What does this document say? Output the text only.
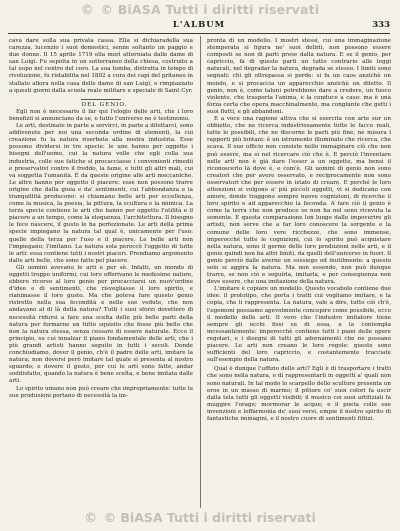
© © BiASA Tutti i diritti riservati
L'ALBUM	333

cava dare sulla sua privata cassa. Ella si dichiaradella sua carezza, lucenzio i suoi domestici, senne soltanto un paggio e due donne. Il 15 aprile 1719 ella morì attorniata dalle dame di san Luigi. Fu sepolta in un sotterraneo della chiesa, costruito a tal uopo nel centro del coro. La sua tomba, distrutta in tempo di rivoluzione, fu ristabilita nel 1802 a cura dei capi del pritaneo in stallato allora nella casa delle dame di san Luigi, e rimpiazzato a questi giorni dalla scuola reale militare e speciale di Saint Cyr.

DEL GENIO.

Egli non è necessario il far qui l'elogio delle arti, che i loro benefizii si annunciano da se, e tutto l'universo ne è testimonio.

Le arti, destinate in parte a servirci, in parte a dilettarci, sono addivenute per noi una seconda ordine di elementi, la cui creazione fu la natura riserbata alla nostra industria. Esse possono dividersi in tre specie: le une hanno per oggetto i bisogni dell'uomo, cui la natura volle che egli colla sua industria, colle sue fatiche si procacciasse i convenienti rimedii e preservativi contro il freddo, la fame, e tutti gli altri mali, cui va soggetta l'umanità. È da queste origine alle arti meccaniche. Le altre hanno per oggetto il piacere: esse non possono trarre origine che dalla gioia e da' sentimenti, cui l'abbondanza e la tranquillità producono: si chiamano belle arti per eccellenza, come la musica, la poesia, la pittura, la scultura e la mimica. La terza specie contiene le arti che hanno per oggetto l'utilità e il piacere a un tempo, come la eloquenza, l'architettura. Il bisogno le fece nascere, il gusto le ha perfezionate. Le arti della prima specie impiegano la natura tal qual è, unicamente per l'uso: quelle della terza per l'uso e il piacere. Le belle arti non l'impiegano; l'imitano. La natura sola peroccò l'oggetto di tutte le arti: essa contiene tutti i nostri piaceri. Prendiamo argomento dalle arti belle, che sono fatte pel piacere.

Gli uomini avevano le arti e per sè. Infatti, un mondo di oggetti troppo uniformi, cui loro offerivano le medesime nature, ebbero ricorso al loro genio per procacciarsi un nuov'ordine d'idee e di sentimenti, che risvegliasse il loro spirito, e rianimasse il loro gusto. Ma che poteva fare questo genio ristretto nella sua fecondità e nelle sue vedute, che non andavano al di là della natura? Tutti i suoi sforzi dovettero di necessità ridursi a fare una scelta delle più belle parti della natura per formarne un tutto squisito che fosse più bello che non la natura stessa, senza cessare di essere naturale. Ecco il principio, su cui innalzar il piano fondamentale delle arti, che i più grandi artisti hanno seguito in tutti i secoli. Donde conchiudiamo, dover il genio, ch'è il padre delle arti, imitare la natura; non doversi però imitare tal quale si presenta al nostro sguardo; e dovere il gusto, per cui le arti sono fatte, andar soddisfatto, quando la natura è bene scelta, e bene imitata dalle arti.

Lo spirito umano non può creare che impropriamente: tutte le sue produzioni portano di necessità la im-

pronta di un modello. I mostri stessi, cui una immaginazione stemperata si figura ne' suoi delirii, non possono essere composti se non di parti prese dalla natura. E se il genio, per capriccio, fa di queste parti un tutto contrario alle leggi naturali, nel degradar la natura, degrada se stesso. I limiti sono segnati: chi gli oltrepassa si perde: si fa un caos anzichè un mondo, e si procaccia un apparecchio anzichè un diletto. Il genio, non è, come taluni potrebbono dare a credere, un fuoco violento, che trasporta l'anima, e la conduce a caso: ma è una forza certa che opera macchinalmente, ma congiunte che getti i suoi flutti, e gli abbandoni.

E a voce una ragione attiva che si esercita con arte sur un obbietto, che ne ricerca industriosamente tutte le facce reali, tutte le possibili, che ne discerne le parti più fine, ne misura i rapporti più lontani: è un istrumento illuminato che ricerca, che scava. Il suo officio non consiste nello immaginare ciò che non può essere, ma sì nel ricercare ciò che è. E perciò l'inventare nelle arti non è già dare l'esser a un oggetto, ma bensì il riconoscerlo là dove è, e com'è. Gli uomini di genio non sono creatori che per avere osservato, e reciprocamente non sono osservatori che per essere in istato di creare. E perché le loro attenzioni si volgono a' più piccoli oggetti, vi si dedicano con amore, donde traggono sempre nuove cognizioni, di ricerche il loro spirito e ad apparecchio la feconda. A fare ciò il genio è come la terra che non produce se non ha nel seno ricevuta la semente. E questa comparazione lon lunge dallo impoverire gli artisti, non serve che a far loro conoscere la sorgente e la comune delle loro vere ricchezze, che sono immense, imperocché tutte le cognizioni, cui lo spirito può acquistare nella natura, sono il germe delle loro produzioni nelle arti, e il genio quindi non ha altri limiti, da quelli dell'universo in fuori. Il genio perciò dalle averne un sussiego od inutilmente: a questo solo si aggira la natura. Ma non essendo, non può dunque trarre, se non ciò e seguirla, imitarla, e per conseguenza non deve essere, che una imitazione della natura.

L'imitare è copiare un modello. Questo vocabolo contiene due idee: il prototipo, che porta i tratti cui vogliamo imitare, e la copia, che li rappresenta. La natura, vale a dire, tutto ciò ch'è, l'egemoni possiamo agevolmente concepire come possibile, ecco il modello delle arti. Il vero che l'industre imitatore tiene sempre gli occhi fissi su di essa, e la contempla incessantemente: imperocchè contiene tutti i piani delle opere regolari, e i disegni di tutti gli adornamenti che ne possano piacere. Le arti non creano le loro regole: queste sono sufficienti del loro capriccio, e costantemente tracciate sull'esempio della natura.

Qual è dunque l'uffizio delle arti? Egli è di trasportare i tratti che sono nella natura, e di rappresentarli in oggetti a' quali non sono naturali. In tal modo lo scarpello dello scultore presenta un eroe in un masso di marmo; il pittore co' suoi colori fa uscir dalla tela tutti gli oggetti visibili; il musico coi suoi artifiziali fa muggire l'orage; mormorar le acque; e il poeta colle sue invenzioni e leffarmonia de' suoi versi, empie il nostro spirito di fantastiche immagini, e il nostro cuore di sentimenti fittizi.

© © BiASA Tutti i diritti riservati
